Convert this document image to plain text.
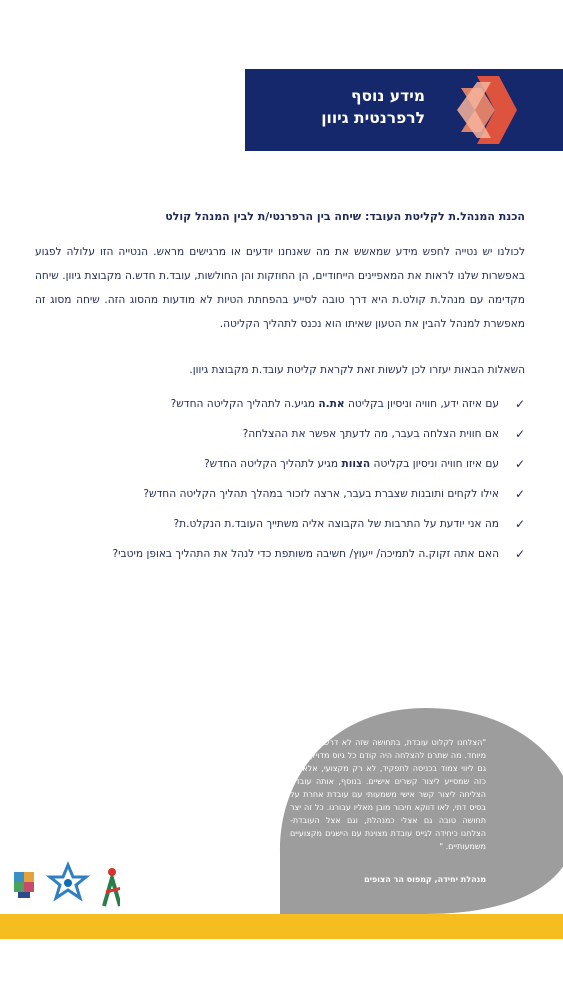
מידע נוסף
לרפרנטית גיוון
הכנת המנהל.ת לקליטת העובד: שיחה בין הרפרנטי/ת לבין המנהל קולט
לכולנו יש נטייה לחפש מידע שמאשש את מה שאנחנו יודעים או מרגישים מראש. הנטייה הזו עלולה לפגוע באפשרות שלנו לראות את המאפיינים הייחודיים, הן החוזקות והן החולשות, עובד.ת חדש.ה מקבוצת גיוון. שיחה מקדימה עם מנהל.ת קולט.ת היא דרך טובה לסייע בהפחתת הטיות לא מודעות מהסוג הזה. שיחה מסוג זה מאפשרת למנהל להבין את הטעון שאיתו הוא נכנס לתהליך הקליטה.
השאלות הבאות יעזרו לכן לעשות זאת לקראת קליטת עובד.ת מקבוצת גיוון.
✓
עם איזה ידע, חוויה וניסיון בקליטה את.ה מגיע.ה לתהליך הקליטה החדש?
✓
אם חווית הצלחה בעבר, מה לדעתך אפשר את ההצלחה?
✓
עם איזו חוויה וניסיון בקליטה הצוות מגיע לתהליך הקליטה החדש?
✓
אילו לקחים ותובנות שצברת בעבר, ארצה לזכור במהלך תהליך הקליטה החדש?
✓
מה אני יודעת על התרבות של הקבוצה אליה משתייך העובד.ת הנקלט.ת?
✓
האם אתה זקוק.ה לתמיכה/ ייעוץ/ חשיבה משותפת כדי לנהל את התהליך באופן מיטבי?
"הצלחנו לקלוט עובדת, בתחושה שזה לא דרש שום דבר מיוחד. מה שתרם להצלחה היה קודם כל גיוס מדויק, אבל גם ליווי צמוד בכניסה לתפקיד, לא רק מקצועי, אלא גם כזה שמסייע ליצור קשרים אישיים. בנוסף, אותה עובדת הצליחה ליצור קשר אישי משמעותי עם עובדת אחרת על בסיס דתי, לאו דווקא חיבור מובן מאליו עבורנו. כל זה יצר תחושה טובה גם אצלי כמנהלת, וגם אצל העובדת- הצלחנו כיחידה לגייס עובדת מצוינת עם הישגים מקצועיים משמעותיים. "
מנהלת יחידה, קמפוס הר הצופים
